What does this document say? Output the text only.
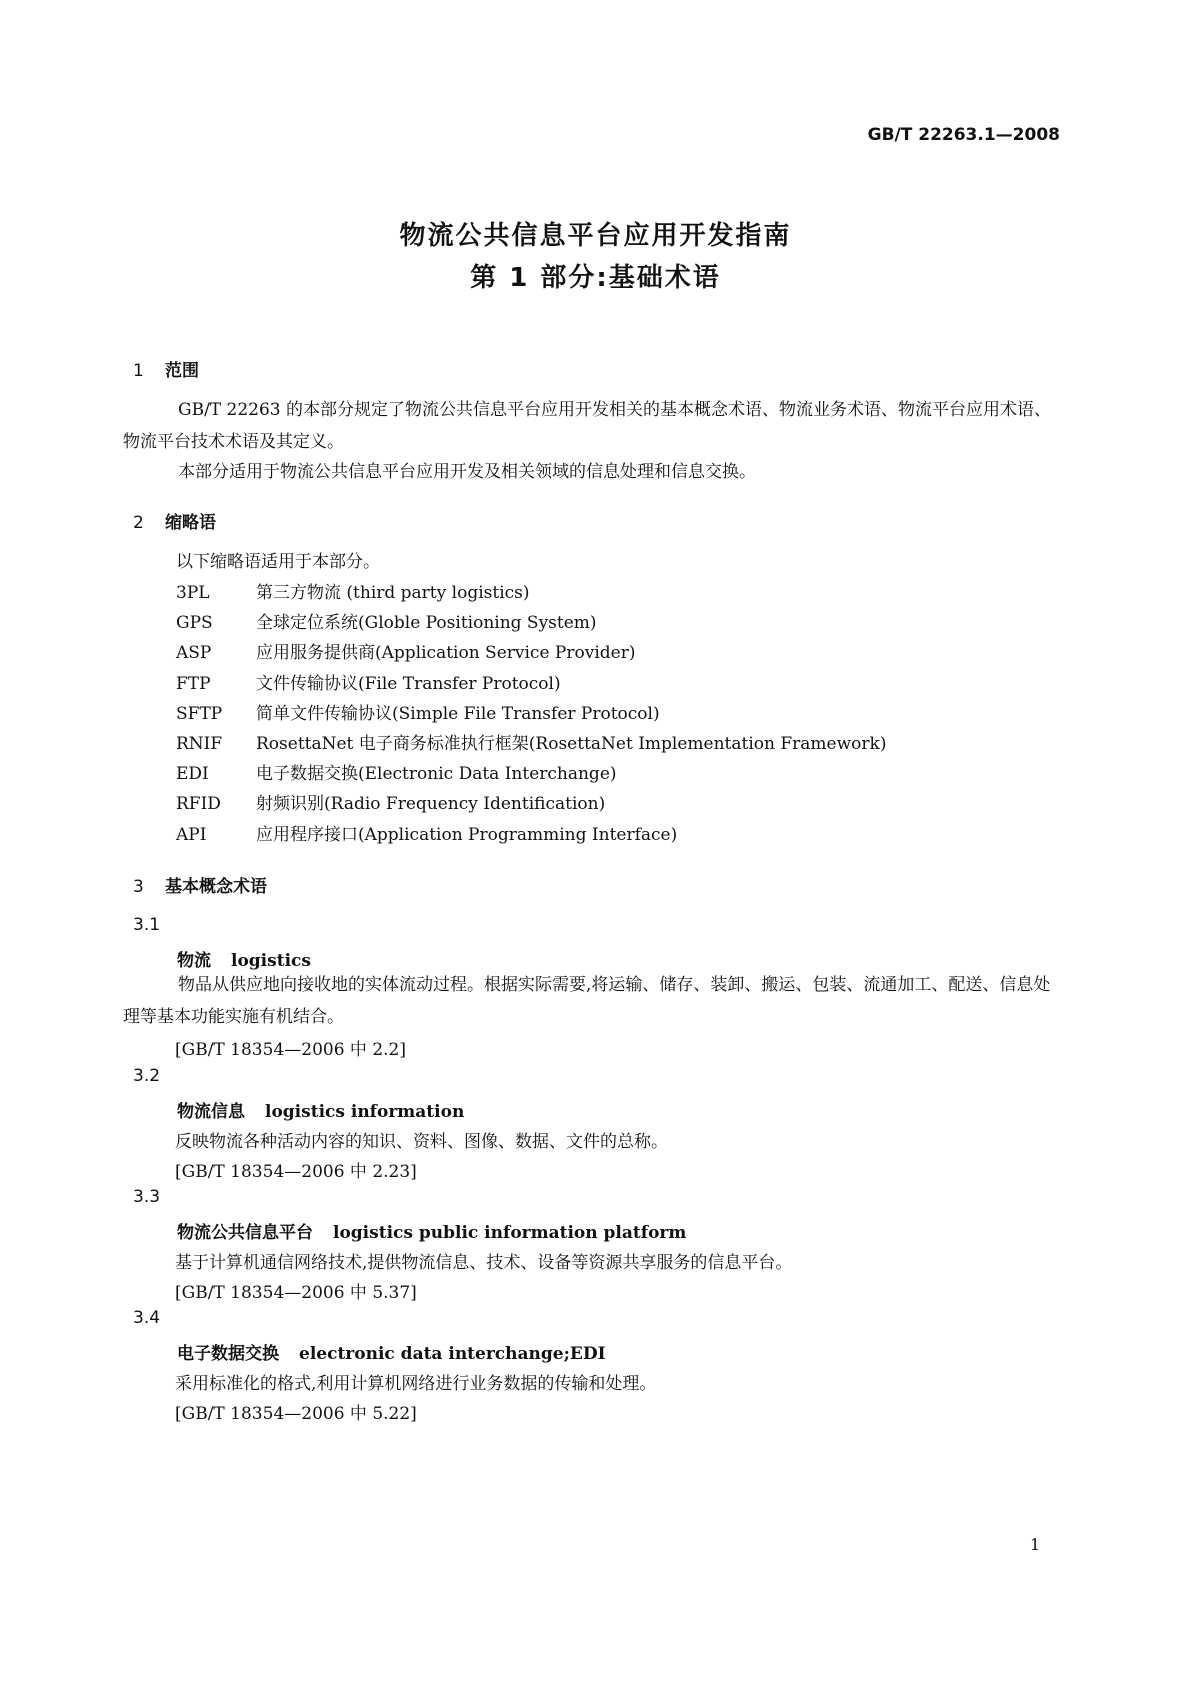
GB/T 22263.1—2008
物流公共信息平台应用开发指南
第 1 部分:基础术语
1 范围
GB/T 22263 的本部分规定了物流公共信息平台应用开发相关的基本概念术语、物流业务术语、物流平台应用术语、物流平台技术术语及其定义。
本部分适用于物流公共信息平台应用开发及相关领域的信息处理和信息交换。
2 缩略语
以下缩略语适用于本部分。
3PL	第三方物流 (third party logistics)
GPS	全球定位系统(Globle Positioning System)
ASP	应用服务提供商(Application Service Provider)
FTP	文件传输协议(File Transfer Protocol)
SFTP 简单文件传输协议(Simple File Transfer Protocol)
RNIF RosettaNet 电子商务标准执行框架(RosettaNet Implementation Framework)
EDI	电子数据交换(Electronic Data Interchange)
RFID 射频识别(Radio Frequency Identification)
API	应用程序接口(Application Programming Interface)
3 基本概念术语
3.1
物流 logistics
物品从供应地向接收地的实体流动过程。根据实际需要,将运输、储存、装卸、搬运、包装、流通加工、配送、信息处理等基本功能实施有机结合。
[GB/T 18354—2006 中 2.2]
3.2
物流信息 logistics information
反映物流各种活动内容的知识、资料、图像、数据、文件的总称。
[GB/T 18354—2006 中 2.23]
3.3
物流公共信息平台 logistics public information platform
基于计算机通信网络技术,提供物流信息、技术、设备等资源共享服务的信息平台。
[GB/T 18354—2006 中 5.37]
3.4
电子数据交换 electronic data interchange;EDI
采用标准化的格式,利用计算机网络进行业务数据的传输和处理。
[GB/T 18354—2006 中 5.22]
1
